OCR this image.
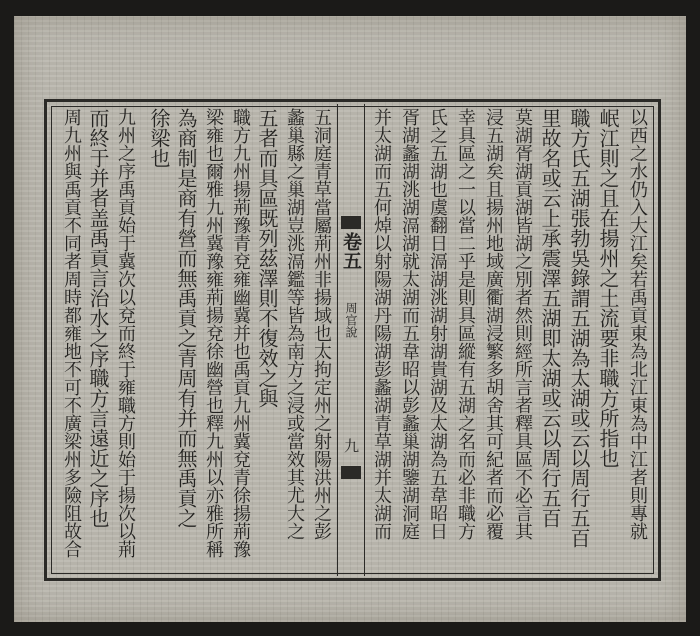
卷五
周官說
九	以西之水仍入大江矣若禹貢東為北江東為中江者則專就
岷江則之且在揚州之土流要非職方所指也
職方氏五湖張勃吳錄謂五湖為太湖或云以周行五百
里故名或云上承震澤五湖即太湖或云以周行五百
莫湖胥湖貢湖皆湖之別者然則經所言者釋具區不必言其
浸五湖矣且揚州地域廣衢湖浸繁多胡舍其可紀者而必覆
幸具區之一以當二乎是則具區縱有五湖之名而必非職方
氏之五湖也虞翻日滆湖洮湖射湖貴湖及太湖為五韋昭日
胥湖蠡湖洮湖滆湖就太湖而五韋昭以彭蠡巢湖鑒湖洞庭
并太湖而五何焯以射陽湖丹陽湖彭蠡湖青草湖并太湖而
五洞庭青草當屬荊州非揚域也太拘定州之射陽洪州之彭
蠡巢縣之巢湖豈洮滆鑑等皆為南方之浸或當效其尤大之
五者而具區既列茲澤則不復效之與
職方九州揚荊豫青兗雍幽冀并也禹貢九州冀兗青徐揚荊豫
梁雍也爾雅九州冀豫雍荊揚兗徐幽營也釋九州以亦雅所稱
為商制是商有營而無禹貢之青周有并而無禹貢之
徐梁也
九州之序禹貢始于冀次以兗而終于雍職方則始于揚次以荊
而終于并者盖禹貢言治水之序職方言遠近之序也
周九州與禹貢不同者周時都雍地不可不廣梁州多險阻故合
